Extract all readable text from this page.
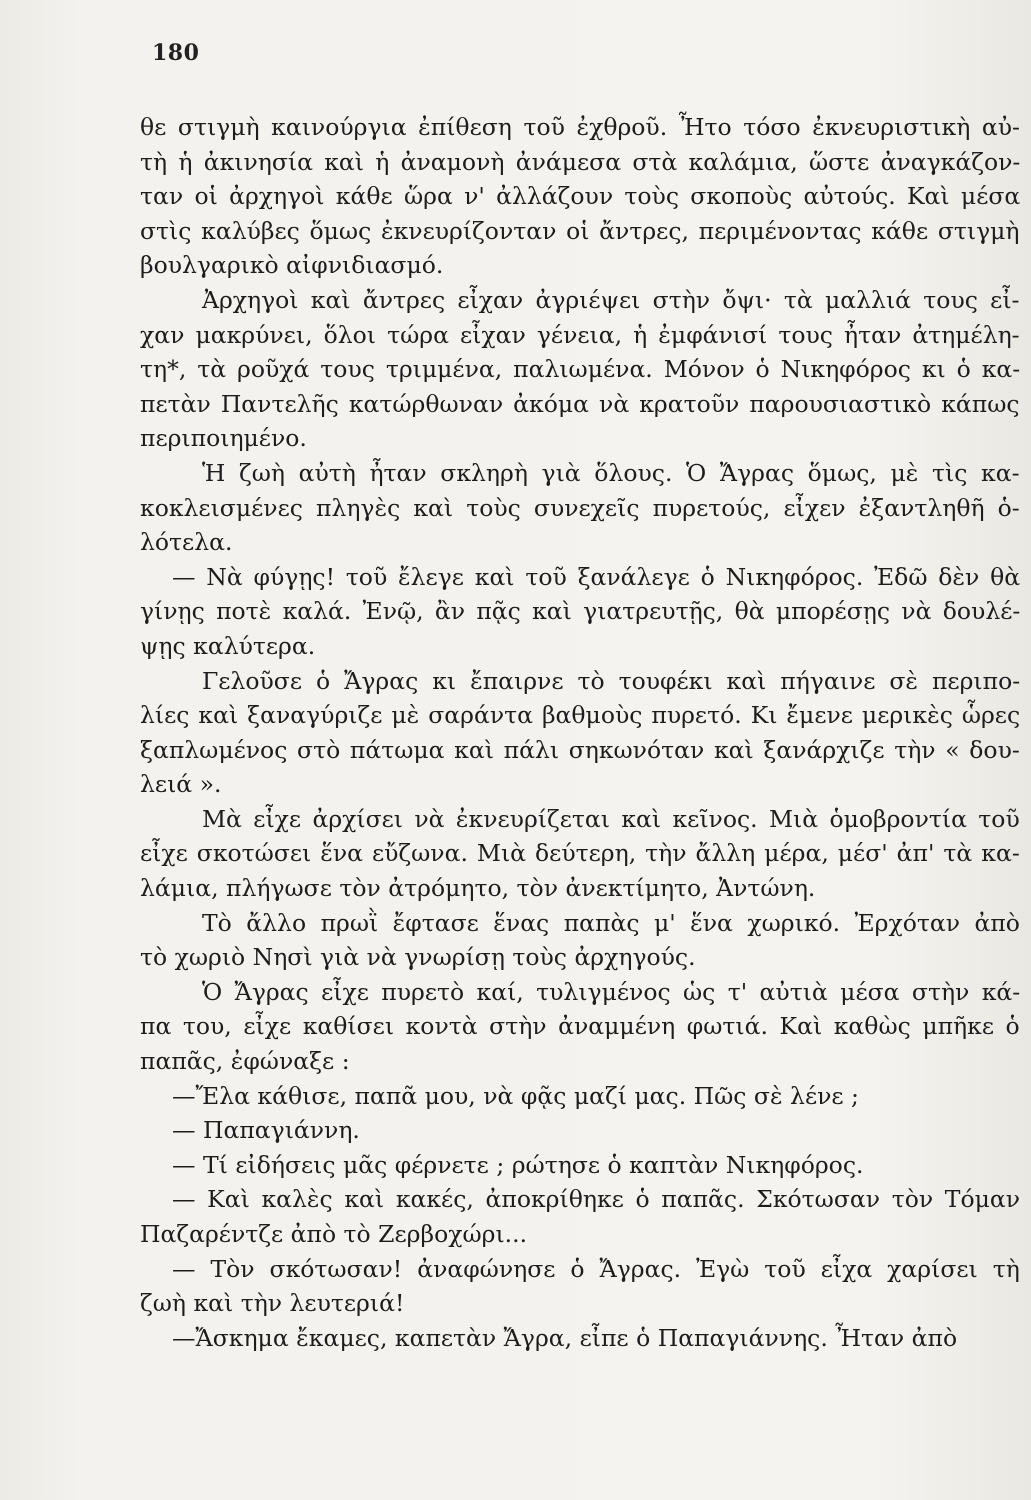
180
θε στιγμὴ καινούργια ἐπίθεση τοῦ ἐχθροῦ. Ἦτο τόσο ἐκνευριστικὴ αὐ-
τὴ ἡ ἀκινησία καὶ ἡ ἀναμονὴ ἀνάμεσα στὰ καλάμια, ὥστε ἀναγκάζον-
ταν οἱ ἀρχηγοὶ κάθε ὥρα ν' ἀλλάζουν τοὺς σκοποὺς αὐτούς. Καὶ μέσα
στὶς καλύβες ὅμως ἐκνευρίζονταν οἱ ἄντρες, περιμένοντας κάθε στιγμὴ
βουλγαρικὸ αἰφνιδιασμό.
Ἀρχηγοὶ καὶ ἄντρες εἶχαν ἀγριέψει στὴν ὄψι· τὰ μαλλιά τους εἶ-
χαν μακρύνει, ὅλοι τώρα εἶχαν γένεια, ἡ ἐμφάνισί τους ἦταν ἀτημέλη-
τη*, τὰ ροῦχά τους τριμμένα, παλιωμένα. Μόνον ὁ Νικηφόρος κι ὁ κα-
πετὰν Παντελῆς κατώρθωναν ἀκόμα νὰ κρατοῦν παρουσιαστικὸ κάπως
περιποιημένο.
Ἡ ζωὴ αὐτὴ ἦταν σκληρὴ γιὰ ὅλους. Ὁ Ἄγρας ὅμως, μὲ τὶς κα-
κοκλεισμένες πληγὲς καὶ τοὺς συνεχεῖς πυρετούς, εἶχεν ἐξαντληθῆ ὁ-
λότελα.
— Νὰ φύγῃς! τοῦ ἔλεγε καὶ τοῦ ξανάλεγε ὁ Νικηφόρος. Ἐδῶ δὲν θὰ
γίνῃς ποτὲ καλά. Ἐνῷ, ἂν πᾷς καὶ γιατρευτῇς, θὰ μπορέσῃς νὰ δουλέ-
ψῃς καλύτερα.
Γελοῦσε ὁ Ἄγρας κι ἔπαιρνε τὸ τουφέκι καὶ πήγαινε σὲ περιπο-
λίες καὶ ξαναγύριζε μὲ σαράντα βαθμοὺς πυρετό. Κι ἔμενε μερικὲς ὧρες
ξαπλωμένος στὸ πάτωμα καὶ πάλι σηκωνόταν καὶ ξανάρχιζε τὴν « δου-
λειά ».
Μὰ εἶχε ἀρχίσει νὰ ἐκνευρίζεται καὶ κεῖνος. Μιὰ ὁμοβροντία τοῦ
εἶχε σκοτώσει ἕνα εὔζωνα. Μιὰ δεύτερη, τὴν ἄλλη μέρα, μέσ' ἀπ' τὰ κα-
λάμια, πλήγωσε τὸν ἀτρόμητο, τὸν ἀνεκτίμητο, Ἀντώνη.
Τὸ ἄλλο πρωῒ ἔφτασε ἕνας παπὰς μ' ἕνα χωρικό. Ἐρχόταν ἀπὸ
τὸ χωριὸ Νησὶ γιὰ νὰ γνωρίσῃ τοὺς ἀρχηγούς.
Ὁ Ἄγρας εἶχε πυρετὸ καί, τυλιγμένος ὡς τ' αὐτιὰ μέσα στὴν κά-
πα του, εἶχε καθίσει κοντὰ στὴν ἀναμμένη φωτιά. Καὶ καθὼς μπῆκε ὁ
παπᾶς, ἐφώναξε :
—Ἔλα κάθισε, παπᾶ μου, νὰ φᾷς μαζί μας. Πῶς σὲ λένε ;
— Παπαγιάννη.
— Τί εἰδήσεις μᾶς φέρνετε ; ρώτησε ὁ καπτὰν Νικηφόρος.
— Καὶ καλὲς καὶ κακές, ἀποκρίθηκε ὁ παπᾶς. Σκότωσαν τὸν Τόμαν
Παζαρέντζε ἀπὸ τὸ Ζερβοχώρι...
— Τὸν σκότωσαν! ἀναφώνησε ὁ Ἄγρας. Ἐγὼ τοῦ εἶχα χαρίσει τὴ
ζωὴ καὶ τὴν λευτεριά!
—Ἄσκημα ἔκαμες, καπετὰν Ἄγρα, εἶπε ὁ Παπαγιάννης. Ἦταν ἀπὸ
